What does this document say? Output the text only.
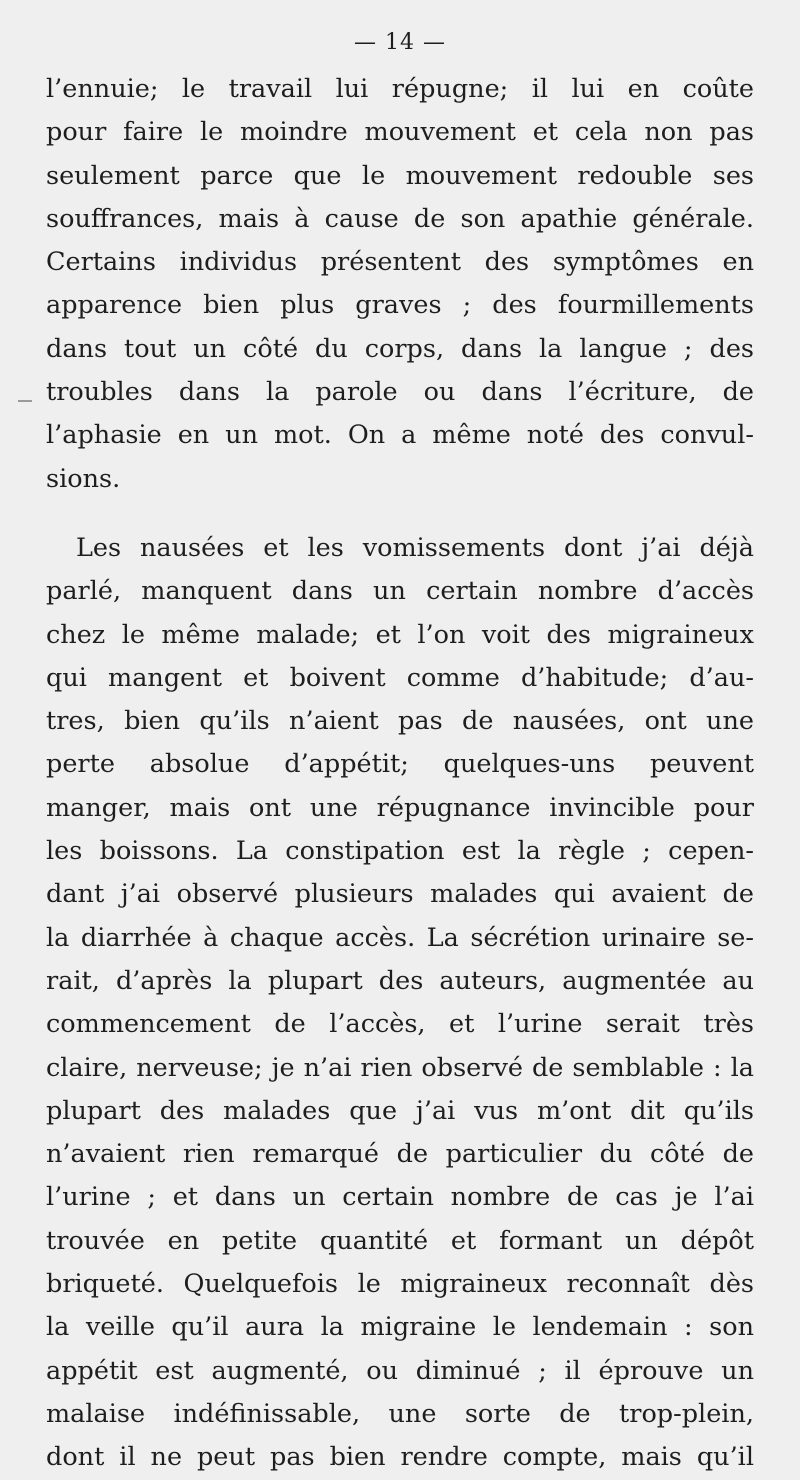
— 14 —
l’ennuie; le travail lui répugne; il lui en coûte
pour faire le moindre mouvement et cela non pas
seulement parce que le mouvement redouble ses
souffrances, mais à cause de son apathie générale.
Certains individus présentent des symptômes en
apparence bien plus graves ; des fourmillements
dans tout un côté du corps, dans la langue ; des
troubles dans la parole ou dans l’écriture, de
l’aphasie en un mot. On a même noté des convul-
sions.
Les nausées et les vomissements dont j’ai déjà
parlé, manquent dans un certain nombre d’accès
chez le même malade; et l’on voit des migraineux
qui mangent et boivent comme d’habitude; d’au-
tres, bien qu’ils n’aient pas de nausées, ont une
perte absolue d’appétit; quelques-uns peuvent
manger, mais ont une répugnance invincible pour
les boissons. La constipation est la règle ; cepen-
dant j’ai observé plusieurs malades qui avaient de
la diarrhée à chaque accès. La sécrétion urinaire se-
rait, d’après la plupart des auteurs, augmentée au
commencement de l’accès, et l’urine serait très
claire, nerveuse; je n’ai rien observé de semblable : la
plupart des malades que j’ai vus m’ont dit qu’ils
n’avaient rien remarqué de particulier du côté de
l’urine ; et dans un certain nombre de cas je l’ai
trouvée en petite quantité et formant un dépôt
briqueté. Quelquefois le migraineux reconnaît dès
la veille qu’il aura la migraine le lendemain : son
appétit est augmenté, ou diminué ; il éprouve un
malaise indéfinissable, une sorte de trop-plein,
dont il ne peut pas bien rendre compte, mais qu’il
